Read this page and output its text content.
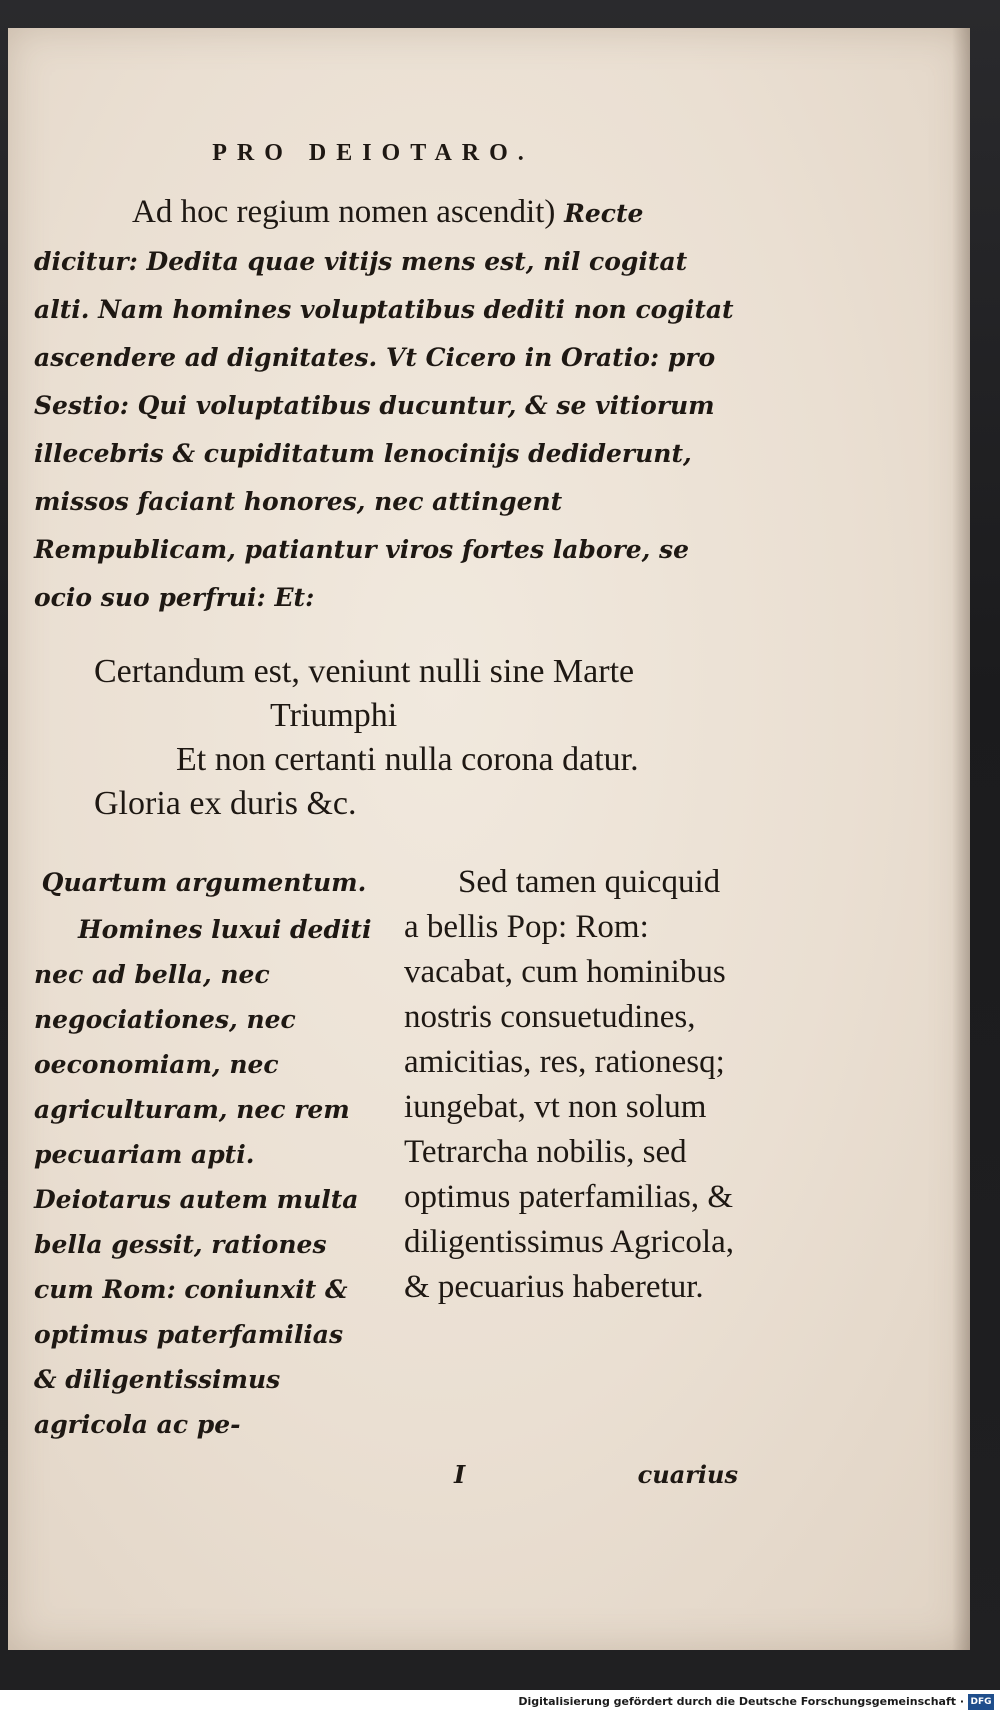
PRO DEIOTARO.

Ad hoc regium nomen ascendit) Recte dicitur: Dedita quae vitijs mens est, nil cogitat alti. Nam homines voluptatibus dediti non cogitat ascendere ad dignitates. Vt Cicero in Oratio: pro Sestio: Qui voluptatibus ducuntur, & se vitiorum illecebris & cupiditatum lenocinijs dediderunt, missos faciant honores, nec attingent Rempublicam, patiantur viros fortes labore, se ocio suo perfrui: Et:

Certandum est, veniunt nulli sine Marte
Triumphi
Et non certanti nulla corona datur.
Gloria ex duris &c.

Quartum argumentum.

Homines luxui dediti nec ad bella, nec negociationes, nec oeconomiam, nec agriculturam, nec rem pecuariam apti. Deiotarus autem multa bella gessit, rationes cum Rom: coniunxit & optimus paterfamilias & diligentissimus agricola ac pe-

Sed tamen quicquid a bellis Pop: Rom: vacabat, cum hominibus nostris consuetudines, amicitias, res, rationesq; iungebat, vt non solum Tetrarcha nobilis, sed optimus paterfamilias, & diligentissimus Agricola, & pecuarius haberetur.

I	cuarius
Digitalisierung gefördert durch die Deutsche Forschungsgemeinschaft · DFG
